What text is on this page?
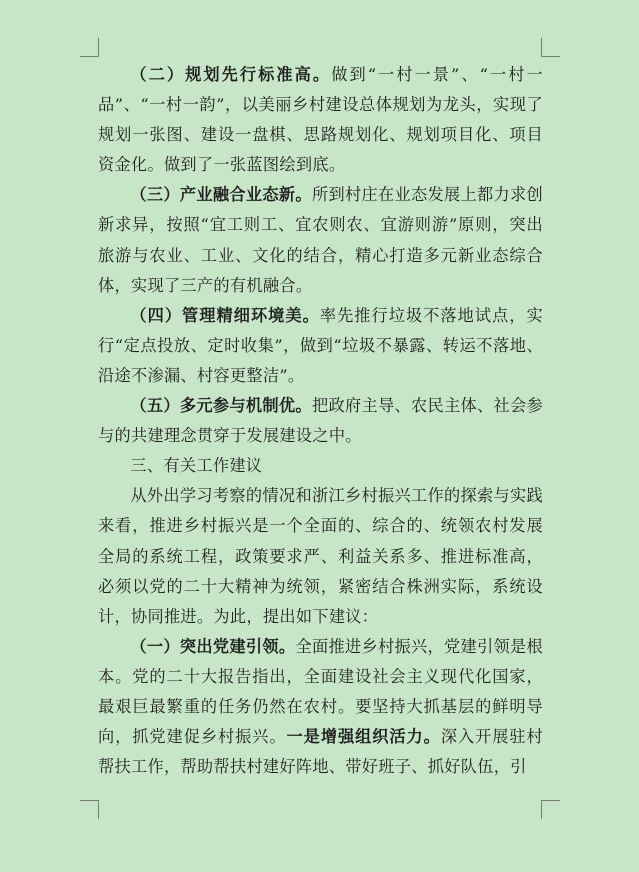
（二）规划先行标准高。做到“一村一景”、“一村一品”、“一村一韵”，以美丽乡村建设总体规划为龙头，实现了规划一张图、建设一盘棋、思路规划化、规划项目化、项目资金化。做到了一张蓝图绘到底。

（三）产业融合业态新。所到村庄在业态发展上都力求创新求异，按照“宜工则工、宜农则农、宜游则游”原则，突出旅游与农业、工业、文化的结合，精心打造多元新业态综合体，实现了三产的有机融合。

（四）管理精细环境美。率先推行垃圾不落地试点，实行“定点投放、定时收集”，做到“垃圾不暴露、转运不落地、沿途不渗漏、村容更整洁”。

（五）多元参与机制优。把政府主导、农民主体、社会参与的共建理念贯穿于发展建设之中。

三、有关工作建议

从外出学习考察的情况和浙江乡村振兴工作的探索与实践来看，推进乡村振兴是一个全面的、综合的、统领农村发展全局的系统工程，政策要求严、利益关系多、推进标准高，必须以党的二十大精神为统领，紧密结合株洲实际，系统设计，协同推进。为此，提出如下建议：

（一）突出党建引领。全面推进乡村振兴，党建引领是根本。党的二十大报告指出，全面建设社会主义现代化国家，最艰巨最繁重的任务仍然在农村。要坚持大抓基层的鲜明导向，抓党建促乡村振兴。一是增强组织活力。深入开展驻村帮扶工作，帮助帮扶村建好阵地、带好班子、抓好队伍，引
